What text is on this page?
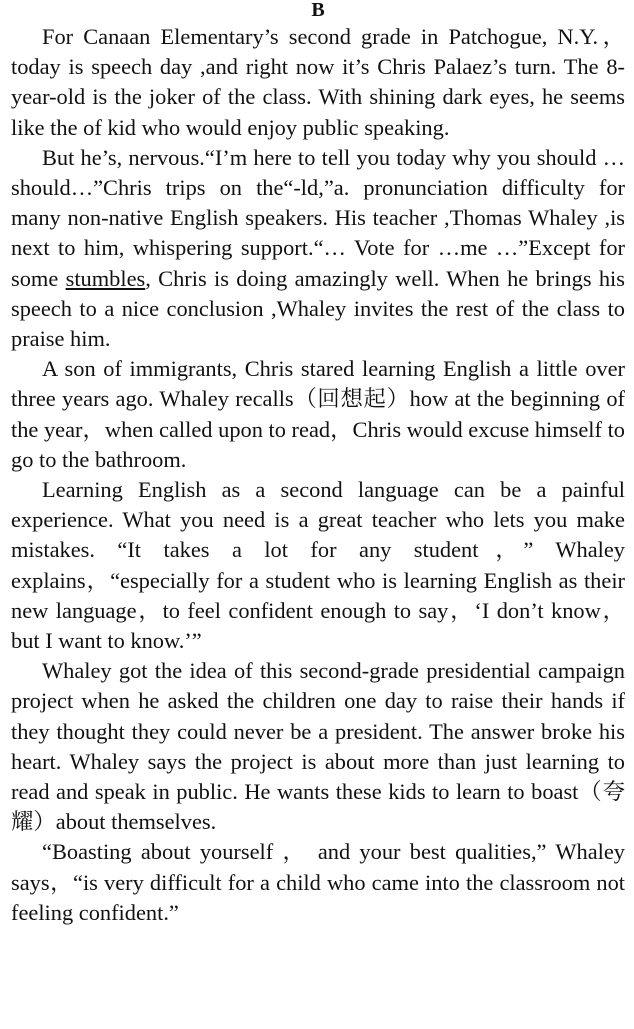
B

For Canaan Elementary’s second grade in Patchogue, N.Y.，today is speech day ,and right now it’s Chris Palaez’s turn. The 8-year-old is the joker of the class. With shining dark eyes, he seems like the of kid who would enjoy public speaking.

But he’s, nervous.“I’m here to tell you today why you should … should…”Chris trips on the“-ld,”a. pronunciation difficulty for many non-native English speakers. His teacher ,Thomas Whaley ,is next to him, whispering support.“… Vote for …me …”Except for some stumbles, Chris is doing amazingly well. When he brings his speech to a nice conclusion ,Whaley invites the rest of the class to praise him.

A son of immigrants, Chris stared learning English a little over three years ago. Whaley recalls（回想起）how at the beginning of the year，when called upon to read，Chris would excuse himself to go to the bathroom.

Learning English as a second language can be a painful experience. What you need is a great teacher who lets you make mistakes. “It takes a lot for any student，” Whaley explains，“especially for a student who is learning English as their new language，to feel confident enough to say，‘I don’t know，but I want to know.’”

Whaley got the idea of this second-grade presidential campaign project when he asked the children one day to raise their hands if they thought they could never be a president. The answer broke his heart. Whaley says the project is about more than just learning to read and speak in public. He wants these kids to learn to boast（夸耀）about themselves.

“Boasting about yourself ， and your best qualities,” Whaley says，“is very difficult for a child who came into the classroom not feeling confident.”
